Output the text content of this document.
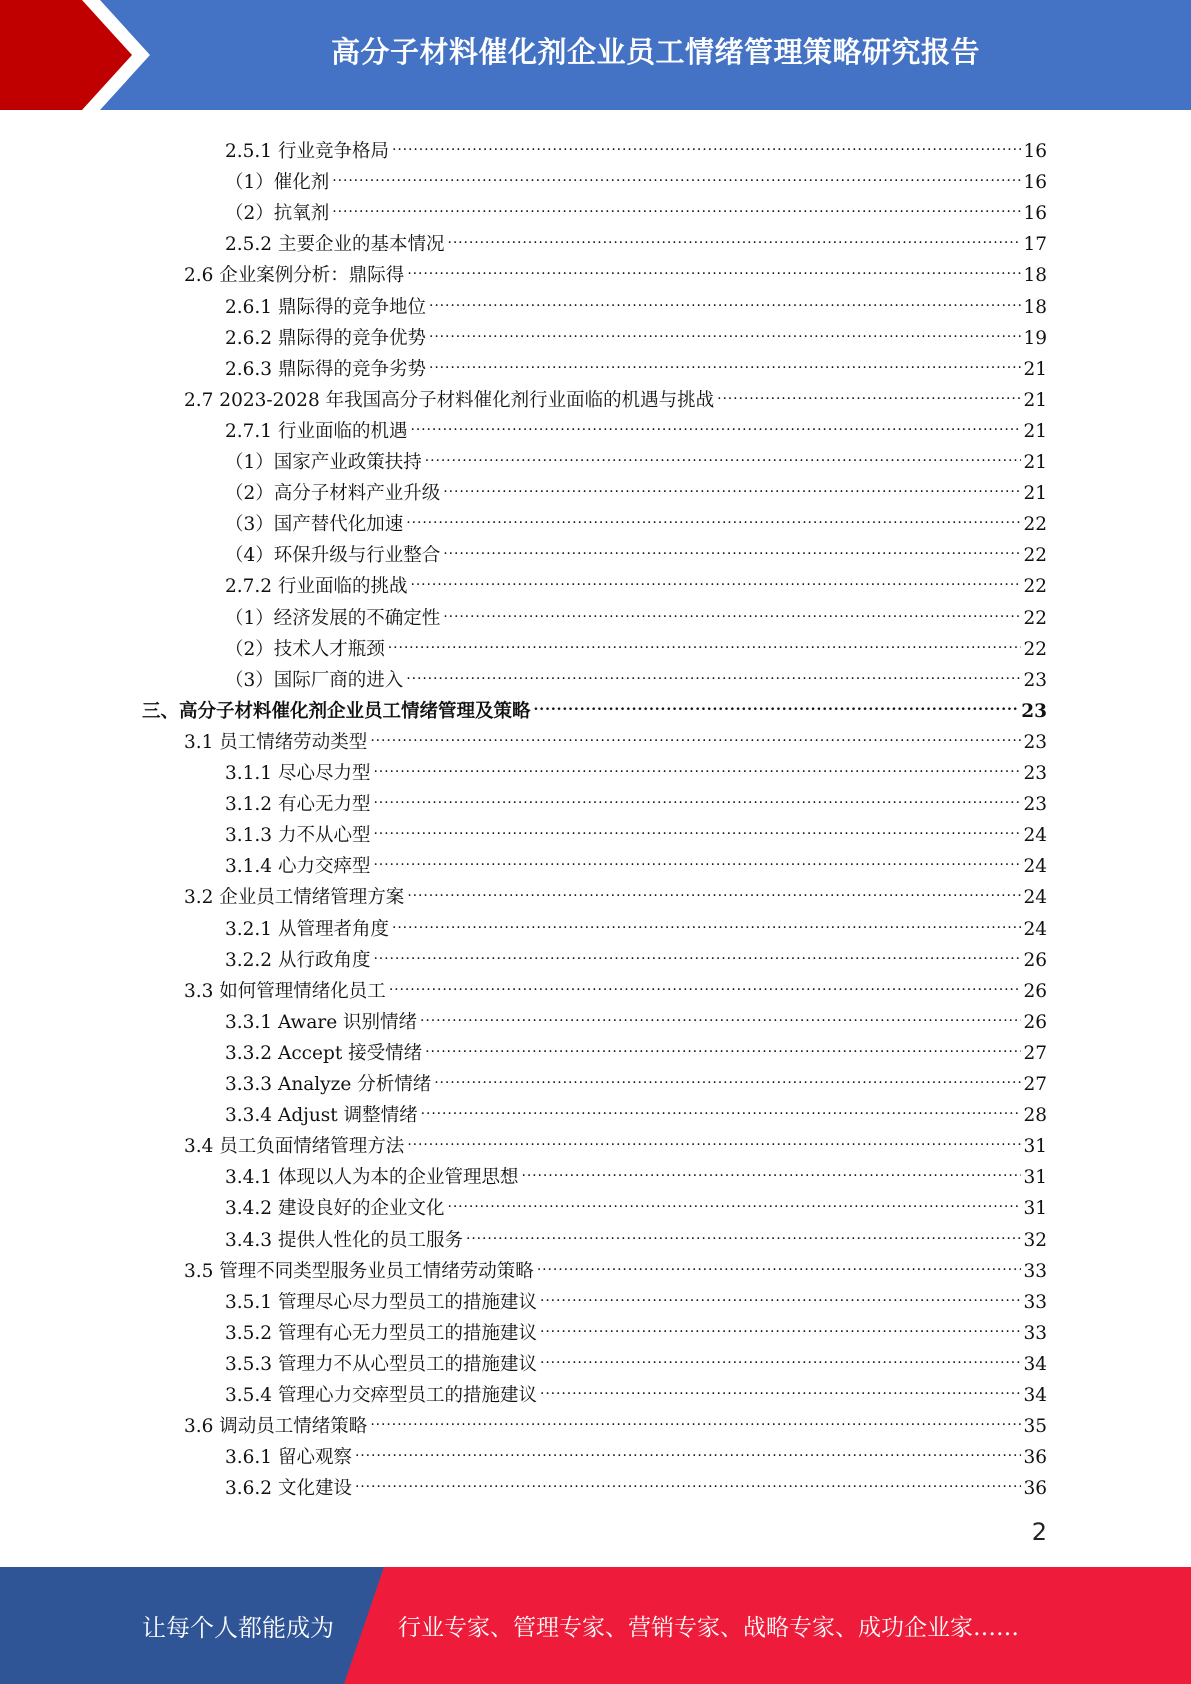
高分子材料催化剂企业员工情绪管理策略研究报告
2.5.1 行业竞争格局 .....	16
（1）催化剂 .....	16
（2）抗氧剂 .....	16
2.5.2 主要企业的基本情况 .....	17
2.6 企业案例分析：鼎际得 .....	18
2.6.1 鼎际得的竞争地位 .....	18
2.6.2 鼎际得的竞争优势 .....	19
2.6.3 鼎际得的竞争劣势 .....	21
2.7 2023-2028 年我国高分子材料催化剂行业面临的机遇与挑战 .....	21
2.7.1 行业面临的机遇 .....	21
（1）国家产业政策扶持 .....	21
（2）高分子材料产业升级 .....	21
（3）国产替代化加速 .....	22
（4）环保升级与行业整合 .....	22
2.7.2 行业面临的挑战 .....	22
（1）经济发展的不确定性 .....	22
（2）技术人才瓶颈 .....	22
（3）国际厂商的进入 .....	23
三、高分子材料催化剂企业员工情绪管理及策略 .....	23
3.1 员工情绪劳动类型 .....	23
3.1.1 尽心尽力型 .....	23
3.1.2 有心无力型 .....	23
3.1.3 力不从心型 .....	24
3.1.4 心力交瘁型 .....	24
3.2 企业员工情绪管理方案 .....	24
3.2.1 从管理者角度 .....	24
3.2.2 从行政角度 .....	26
3.3 如何管理情绪化员工 .....	26
3.3.1 Aware 识别情绪 .....	26
3.3.2 Accept 接受情绪 .....	27
3.3.3 Analyze 分析情绪 .....	27
3.3.4 Adjust 调整情绪 .....	28
3.4 员工负面情绪管理方法 .....	31
3.4.1 体现以人为本的企业管理思想 .....	31
3.4.2 建设良好的企业文化 .....	31
3.4.3 提供人性化的员工服务 .....	32
3.5 管理不同类型服务业员工情绪劳动策略 .....	33
3.5.1 管理尽心尽力型员工的措施建议 .....	33
3.5.2 管理有心无力型员工的措施建议 .....	33
3.5.3 管理力不从心型员工的措施建议 .....	34
3.5.4 管理心力交瘁型员工的措施建议 .....	34
3.6 调动员工情绪策略 .....	35
3.6.1 留心观察 .....	36
3.6.2 文化建设 .....	36
2
让每个人都能成为	行业专家、管理专家、营销专家、战略专家、成功企业家……
